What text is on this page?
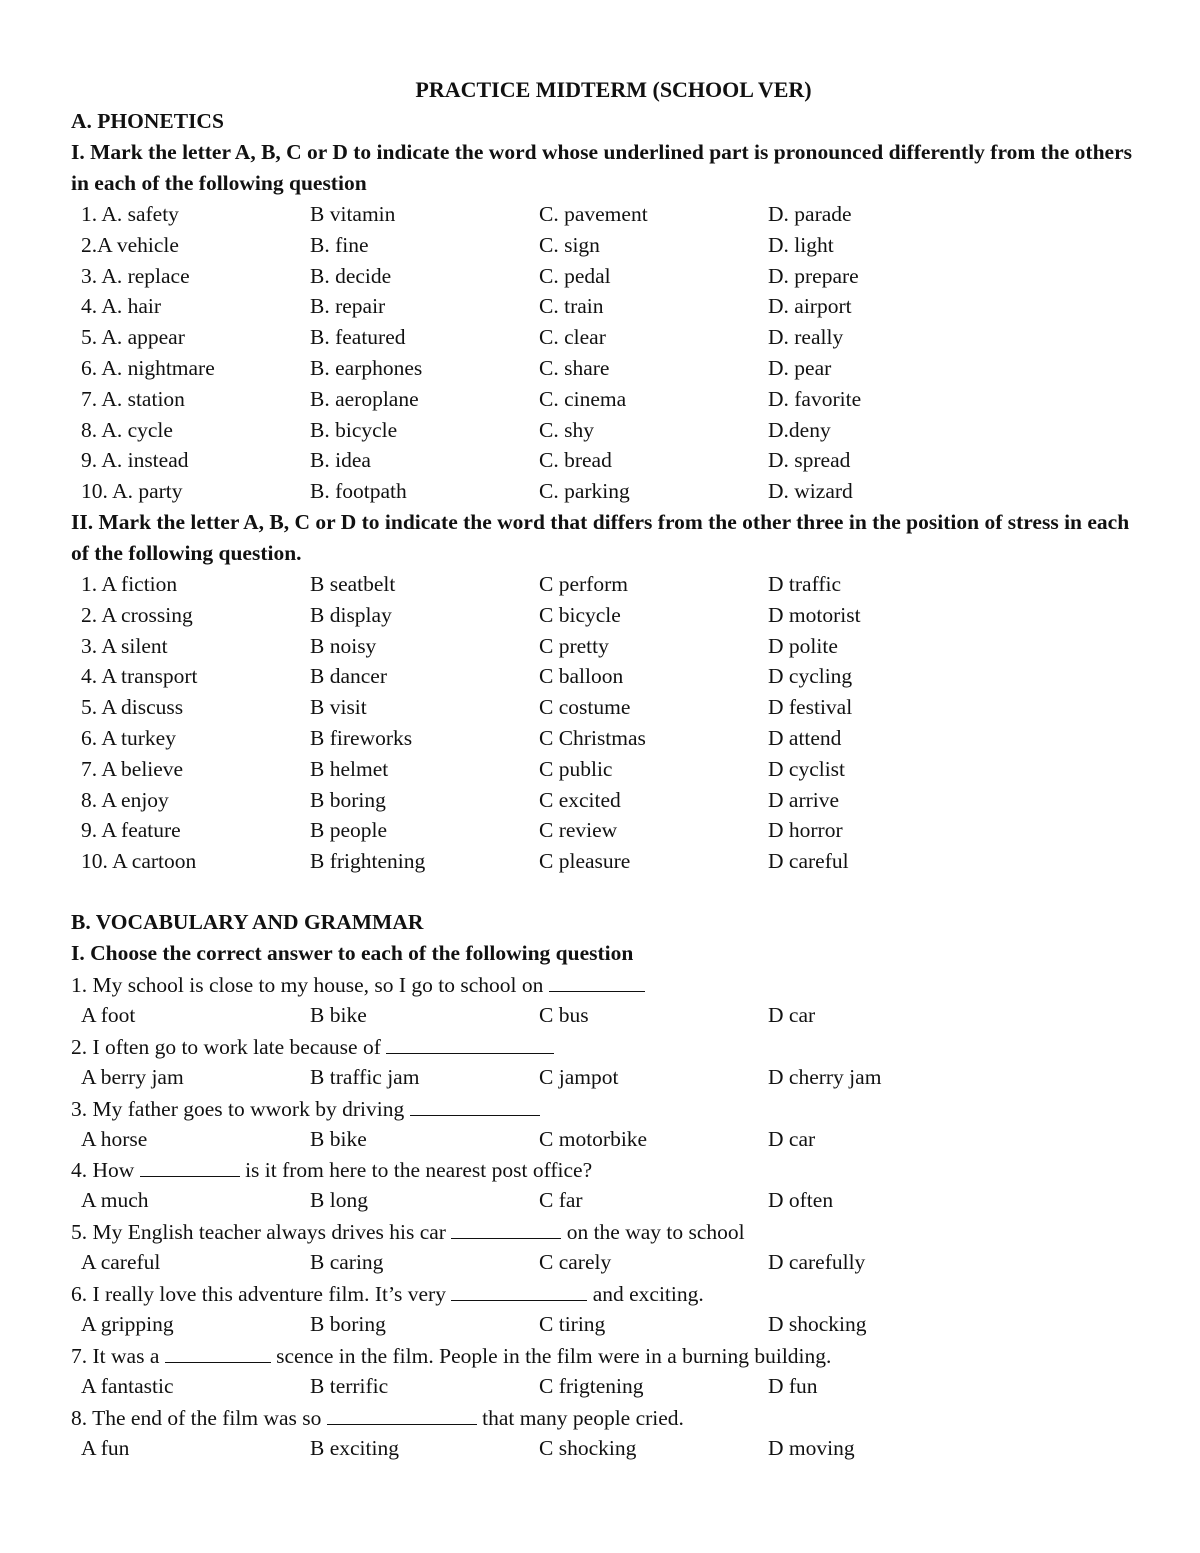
PRACTICE MIDTERM (SCHOOL VER)
A. PHONETICS
I. Mark the letter A, B, C or D to indicate the word whose underlined part is pronounced differently from the others in each of the following question
1. A. safety	B vitamin	C. pavement	D. parade
2.A vehicle	B. fine	C. sign	D. light
3. A. replace	B. decide	C. pedal	D. prepare
4. A. hair	B. repair	C. train	D. airport
5. A. appear	B. featured	C. clear	D. really
6. A. nightmare	B. earphones	C. share	D. pear
7. A. station	B. aeroplane	C. cinema	D. favorite
8. A. cycle	B. bicycle	C. shy	D.deny
9. A. instead	B. idea	C. bread	D. spread
10. A. party	B. footpath	C. parking	D. wizard
II. Mark the letter A, B, C or D to indicate the word that differs from the other three in the position of stress in each of the following question.
1. A fiction	B seatbelt	C perform	D traffic
2. A crossing	B display	C bicycle	D motorist
3. A silent	B noisy	C pretty	D polite
4. A transport	B dancer	C balloon	D cycling
5. A discuss	B visit	C costume	D festival
6. A turkey	B fireworks	C Christmas	D attend
7. A believe	B helmet	C public	D cyclist
8. A enjoy	B boring	C excited	D arrive
9. A feature	B people	C review	D horror
10. A cartoon	B frightening	C pleasure	D careful
B. VOCABULARY AND GRAMMAR
I. Choose the correct answer to each of the following question
1. My school is close to my house, so I go to school on
A foot	B bike	C bus	D car
2. I often go to work late because of
A berry jam	B traffic jam	C jampot	D cherry jam
3. My father goes to wwork by driving
A horse	B bike	C motorbike	D car
4. How	is it from here to the nearest post office?
A much	B long	C far	D often
5. My English teacher always drives his car	on the way to school
A careful	B caring	C carely	D carefully
6. I really love this adventure film. It’s very	and exciting.
A gripping	B boring	C tiring	D shocking
7. It was a	scence in the film. People in the film were in a burning building.
A fantastic	B terrific	C frigtening	D fun
8. The end of the film was so	that many people cried.
A fun	B exciting	C shocking	D moving
